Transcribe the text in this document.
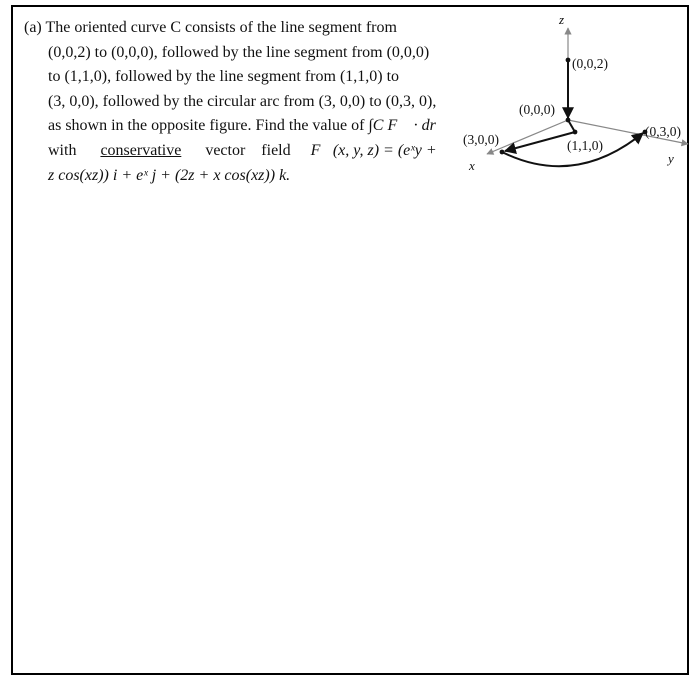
(a) The oriented curve C consists of the line segment from
(0,0,2) to (0,0,0), followed by the line segment from (0,0,0)
to (1,1,0), followed by the line segment from (1,1,0) to
(3, 0,0), followed by the circular arc from (3, 0,0) to (0,3, 0),
as shown in the opposite figure. Find the value of ∫C F⃗ · dr⃗
with conservative vector    field F⃗(x, y, z) = (eˣy +
z cos(xz)) i + eˣ j + (2z + x cos(xz)) k.
z
x	y
(0,0,2)
(0,0,0)
(3,0,0)	(1,1,0)
(0,3,0)
